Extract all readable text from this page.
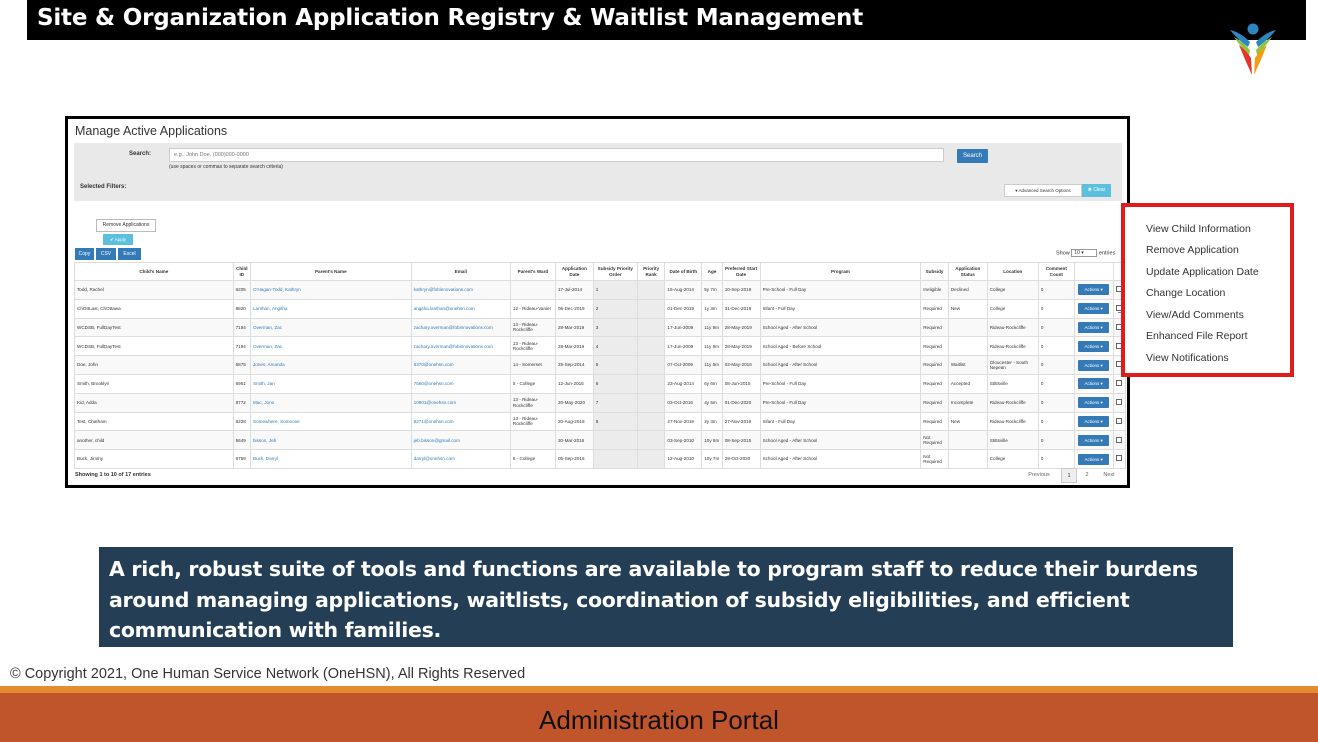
Site & Organization Application Registry & Waitlist Management
Manage Active Applications
Search:
e.g.. John Doe, (000)000-0000
(use spaces or commas to separate search criteria)
Search
Selected Filters:
▾ Advanced Search Options	✖ Clear
Remove Applications
✔ Apply
Copy	CSV	Excel	Show 10 ▾	entries
Child's Name	Child ID	Parent's Name	Email	Parent's Ward	Application Date	Subsidy Priority Order	Priority Rank	Date of Birth	Age	Preferred Start Date	Program	Subsidy	Application Status	Location	Comment Count		
Todd, Rachel	6205	O'Hagan-Todd, Kathryn	kathryn@fobinnovations.com		17-Jul-2014	1		15-Aug-2014	5y 7m	10-Sep-2019	Pre-School - Full Day	Ineligible	Declined	College	0	Actions ▾	
ChOttLast, ChOttawa	8820	Lanthan, Angitha	angitha.lanthan@onehsn.com	12 - Rideau-Vanier	06-Dec-2019	2		01-Dec-2019	1y 3m	31-Dec-2019	Infant - Full Day	Required	New	College	0	Actions ▾	
WCDSB, FullDayTest	7194	Overman, Zac	zachary.overman@fobinnovations.com	13 - Rideau-Rockcliffe	28-Mar-2019	3		17-Jun-2009	11y 9m	28-May-2019	School Aged - After School	Required		Rideau-Rockcliffe	0	Actions ▾	
WCDSB, FullDayTest	7194	Overman, Zac	zachary.overman@fobinnovations.com	13 - Rideau-Rockcliffe	28-Mar-2019	4		17-Jun-2009	11y 9m	28-May-2019	School Aged - Before School	Required		Rideau-Rockcliffe	0	Actions ▾	
Doe, John	5875	Jones, Amanda	6370@onehsn.com	14 - Somerset	25-Sep-2014	5		07-Oct-2009	11y 5m	03-May-2016	School Aged - After School	Required	Waitlist	Gloucester - South Nepean	0	Actions ▾	
Smith, Brooklyn	6951	Smith, Jan	7560@onehsn.com	5 - College	12-Jun-2015	6		23-Aug-2014	6y 6m	08-Jun-2015	Pre-School - Full Day	Required	Accepted	Stittsville	0	Actions ▾	
Kid, Adda	8772	Mac, Jono	10901@onehsn.com	13 - Rideau-Rockcliffe	20-May-2020	7		03-Oct-2016	4y 5m	01-Dec-2020	Pre-School - Full Day	Required	Incomplete	Rideau-Rockcliffe	0	Actions ▾	
Test, Chatham	8228	Somewhere, Someone	9271@onehsn.com	13 - Rideau-Rockcliffe	20-Aug-2018	8		27-Nov-2018	2y 3m	27-Nov-2019	Infant - Full Day	Required	New	Rideau-Rockcliffe	0	Actions ▾	
another, child	5649	bisson, Jeb	jeb.bisson@gmail.com		30-Mar-2016			03-Sep-2010	10y 6m	08-Sep-2015	School Aged - After School	Not Required		Stittsville	0	Actions ▾	
Buck, Jimmy	6759	Buck, Darryl	darryl@onehsn.com	5 - College	05-Sep-2016			12-Aug-2010	10y 7m	29-Oct-2020	School Aged - After School	Not Required		College	0	Actions ▾	
Showing 1 to 10 of 17 entries	Previous	1	2	Next
View Child Information
Remove Application
Update Application Date
Change Location
View/Add Comments
Enhanced File Report
View Notifications

A rich, robust suite of tools and functions are available to program staff to reduce their burdens around managing applications, waitlists, coordination of subsidy eligibilities, and efficient communication with families.

© Copyright 2021, One Human Service Network (OneHSN), All Rights Reserved
Administration Portal
